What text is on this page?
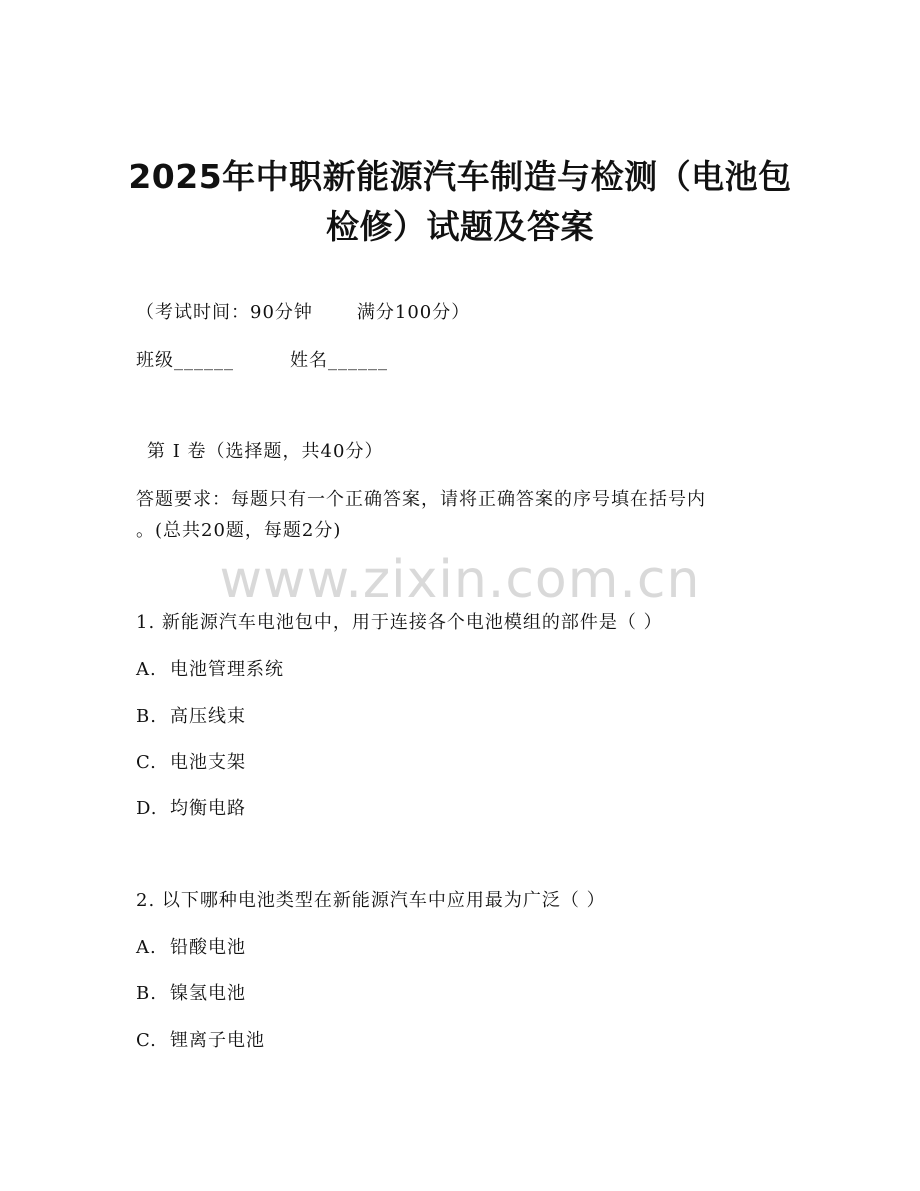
2025年中职新能源汽车制造与检测（电池包
检修）试题及答案
（考试时间：90分钟 满分100分）
班级______	姓名______
第 I 卷（选择题，共40分）
答题要求：每题只有一个正确答案，请将正确答案的序号填在括号内
。(总共20题，每题2分)
www.zixin.com.cn
1. 新能源汽车电池包中，用于连接各个电池模组的部件是（ ）
A. 电池管理系统
B. 高压线束
C. 电池支架
D. 均衡电路
2. 以下哪种电池类型在新能源汽车中应用最为广泛（ ）
A. 铅酸电池
B. 镍氢电池
C. 锂离子电池
